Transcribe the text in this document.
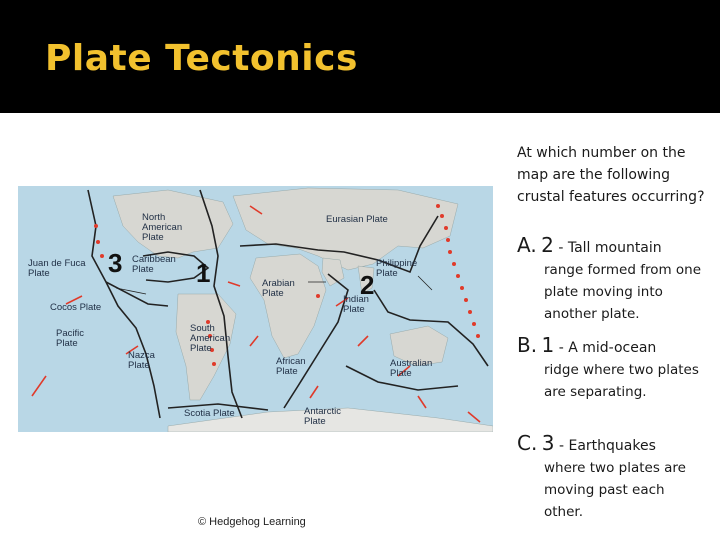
Plate Tectonics
North American Plate
Eurasian Plate
Juan de Fuca Plate
Caribbean Plate
Philippine Plate
Arabian Plate
Indian Plate
Cocos Plate
Pacific Plate
Nazca Plate
South American Plate
African Plate
Australian Plate
Scotia Plate	Antarctic Plate
3	1	2
© Hedgehog Learning
At which number on the map are the following crustal features occurring?
A. 2 - Tall mountain
range formed from one plate moving into another plate.
B. 1 - A mid-ocean
ridge where two plates are separating.
C. 3 - Earthquakes
where two plates are moving past each other.
